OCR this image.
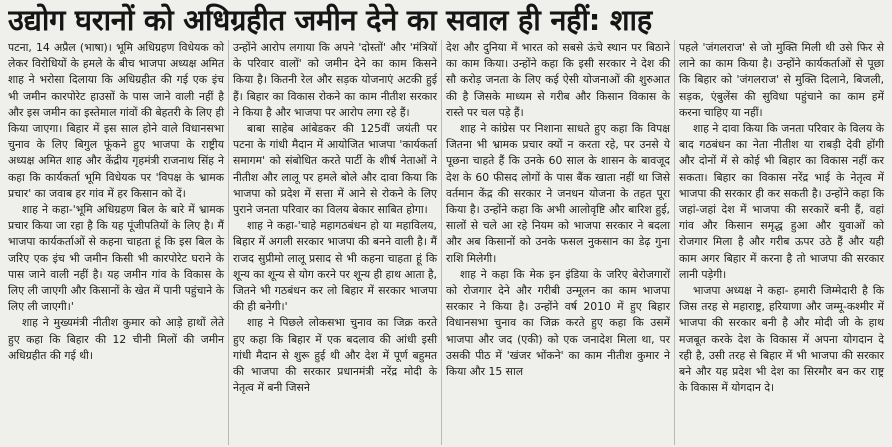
उद्योग घरानों को अधिग्रहीत जमीन देने का सवाल ही नहीं: शाह

पटना, 14 अप्रैल (भाषा)। भूमि अधिग्रहण विधेयक को लेकर विरोधियों के हमले के बीच भाजपा अध्यक्ष अमित शाह ने भरोसा दिलाया कि अधिग्रहीत की गई एक इंच भी जमीन कारपोरेट हाउसों के पास जाने वाली नहीं है और इस जमीन का इस्तेमाल गांवों की बेहतरी के लिए ही किया जाएगा। बिहार में इस साल होने वाले विधानसभा चुनाव के लिए बिगुल फूंकने हुए भाजपा के राष्ट्रीय अध्यक्ष अमित शाह और केंद्रीय गृहमंत्री राजनाथ सिंह ने कहा कि कार्यकर्ता भूमि विधेयक पर 'विपक्ष के भ्रामक प्रचार' का जवाब हर गांव में हर किसान को दें।

शाह ने कहा-'भूमि अधिग्रहण बिल के बारे में भ्रामक प्रचार किया जा रहा है कि यह पूंजीपतियों के लिए है। मैं भाजपा कार्यकर्ताओं से कहना चाहता हूं कि इस बिल के जरिए एक इंच भी जमीन किसी भी कारपोरेट घराने के पास जाने वाली नहीं है। यह जमीन गांव के विकास के लिए ली जाएगी और किसानों के खेत में पानी पहुंचाने के लिए ली जाएगी।'

शाह ने मुख्यमंत्री नीतीश कुमार को आड़े हाथों लेते हुए कहा कि बिहार की 12 चीनी मिलों की जमीन अधिग्रहीत की गई थी।

उन्होंने आरोप लगाया कि अपने 'दोस्तों' और 'मंत्रियों के परिवार वालों' को जमीन देने का काम किसने किया है। कितनी रेल और सड़क योजनाएं अटकी हुई हैं। बिहार का विकास रोकने का काम नीतीश सरकार ने किया है और भाजपा पर आरोप लगा रहे हैं।

बाबा साहेब आंबेडकर की 125वीं जयंती पर पटना के गांधी मैदान में आयोजित भाजपा 'कार्यकर्ता समागम' को संबोधित करते पार्टी के शीर्ष नेताओं ने नीतीश और लालू पर हमले बोले और दावा किया कि भाजपा को प्रदेश में सत्ता में आने से रोकने के लिए पुराने जनता परिवार का विलय बेकार साबित होगा।

शाह ने कहा-'चाहे महागठबंधन हो या महाविलय, बिहार में अगली सरकार भाजपा की बनने वाली है। मैं राजद सुप्रीमो लालू प्रसाद से भी कहना चाहता हूं कि शून्य का शून्य से योग करने पर शून्य ही हाथ आता है, जितने भी गठबंधन कर लो बिहार में सरकार भाजपा की ही बनेगी।'

शाह ने पिछले लोकसभा चुनाव का जिक्र करते हुए कहा कि बिहार में एक बदलाव की आंधी इसी गांधी मैदान से शुरू हुई थी और देश में पूर्ण बहुमत की भाजपा की सरकार प्रधानमंत्री नरेंद्र मोदी के नेतृत्व में बनी जिसने

देश और दुनिया में भारत को सबसे ऊंचे स्थान पर बिठाने का काम किया। उन्होंने कहा कि इसी सरकार ने देश की सौ करोड़ जनता के लिए कई ऐसी योजनाओं की शुरुआत की है जिसके माध्यम से गरीब और किसान विकास के रास्ते पर चल पड़े हैं।

शाह ने कांग्रेस पर निशाना साधते हुए कहा कि विपक्ष जितना भी भ्रामक प्रचार क्यों न करता रहे, पर उनसे ये पूछना चाहते हैं कि उनके 60 साल के शासन के बावजूद देश के 60 फीसद लोगों के पास बैंक खाता नहीं था जिसे वर्तमान केंद्र की सरकार ने जनधन योजना के तहत पूरा किया है। उन्होंने कहा कि अभी आलोवृष्टि और बारिश हुई, सालों से चले आ रहे नियम को भाजपा सरकार ने बदला और अब किसानों को उनके फसल नुकसान का डेढ़ गुना राशि मिलेगी।

शाह ने कहा कि मेक इन इंडिया के जरिए बेरोजगारों को रोजगार देने और गरीबी उन्मूलन का काम भाजपा सरकार ने किया है। उन्होंने वर्ष 2010 में हुए बिहार विधानसभा चुनाव का जिक्र करते हुए कहा कि उसमें भाजपा और जद (एकी) को एक जनादेश मिला था, पर उसकी पीठ में 'खंजर भोंकने' का काम नीतीश कुमार ने किया और 15 साल

पहले 'जंगलराज' से जो मुक्ति मिली थी उसे फिर से लाने का काम किया है। उन्होंने कार्यकर्ताओं से पूछा कि बिहार को 'जंगलराज' से मुक्ति दिलाने, बिजली, सड़क, एंबुलेंस की सुविधा पहुंचाने का काम हमें करना चाहिए या नहीं।

शाह ने दावा किया कि जनता परिवार के विलय के बाद गठबंधन का नेता नीतीश या राबड़ी देवी होंगी और दोनों में से कोई भी बिहार का विकास नहीं कर सकता। बिहार का विकास नरेंद्र भाई के नेतृत्व में भाजपा की सरकार ही कर सकती है। उन्होंने कहा कि जहां-जहां देश में भाजपा की सरकारें बनी हैं, वहां गांव और किसान समृद्ध हुआ और युवाओं को रोजगार मिला है और गरीब ऊपर उठे हैं और यही काम अगर बिहार में करना है तो भाजपा की सरकार लानी पड़ेगी।

भाजपा अध्यक्ष ने कहा- हमारी जिम्मेदारी है कि जिस तरह से महाराष्ट्र, हरियाणा और जम्मू-कश्मीर में भाजपा की सरकार बनी है और मोदी जी के हाथ मजबूत करके देश के विकास में अपना योगदान दे रही है, उसी तरह से बिहार में भी भाजपा की सरकार बने और यह प्रदेश भी देश का सिरमौर बन कर राष्ट्र के विकास में योगदान दे।
